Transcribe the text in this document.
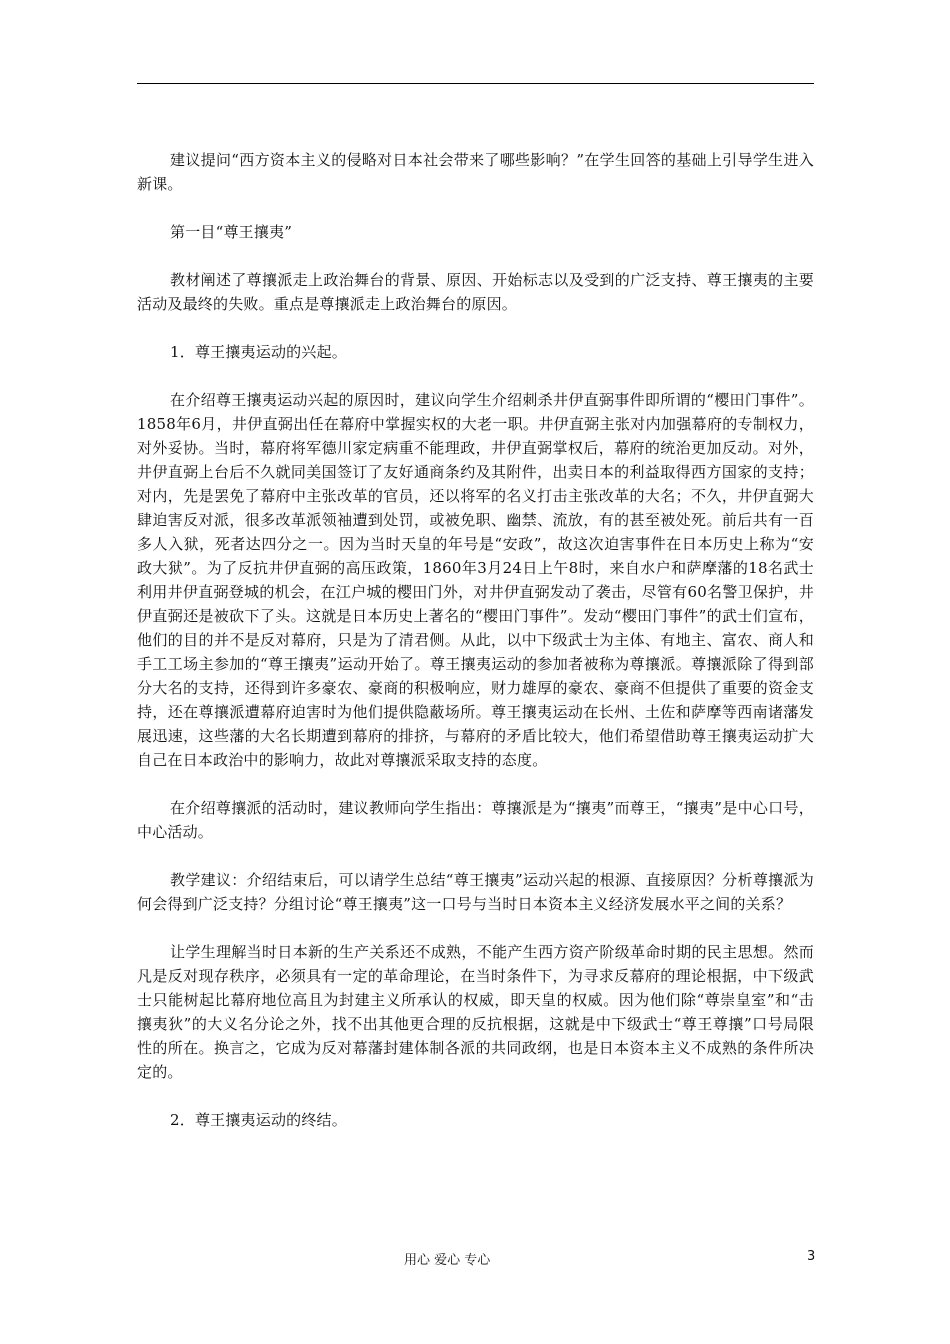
建议提问“西方资本主义的侵略对日本社会带来了哪些影响？”在学生回答的基础上引导学生进入新课。

第一目“尊王攘夷”

教材阐述了尊攘派走上政治舞台的背景、原因、开始标志以及受到的广泛支持、尊王攘夷的主要活动及最终的失败。重点是尊攘派走上政治舞台的原因。

1．尊王攘夷运动的兴起。

在介绍尊王攘夷运动兴起的原因时，建议向学生介绍刺杀井伊直弼事件即所谓的“樱田门事件”。1858年6月，井伊直弼出任在幕府中掌握实权的大老一职。井伊直弼主张对内加强幕府的专制权力，对外妥协。当时，幕府将军德川家定病重不能理政，井伊直弼掌权后，幕府的统治更加反动。对外，井伊直弼上台后不久就同美国签订了友好通商条约及其附件，出卖日本的利益取得西方国家的支持；对内，先是罢免了幕府中主张改革的官员，还以将军的名义打击主张改革的大名；不久，井伊直弼大肆迫害反对派，很多改革派领袖遭到处罚，或被免职、幽禁、流放，有的甚至被处死。前后共有一百多人入狱，死者达四分之一。因为当时天皇的年号是“安政”，故这次迫害事件在日本历史上称为“安政大狱”。为了反抗井伊直弼的高压政策，1860年3月24日上午8时，来自水户和萨摩藩的18名武士利用井伊直弼登城的机会，在江户城的樱田门外，对井伊直弼发动了袭击，尽管有60名警卫保护，井伊直弼还是被砍下了头。这就是日本历史上著名的“樱田门事件”。发动“樱田门事件”的武士们宣布，他们的目的并不是反对幕府，只是为了清君侧。从此，以中下级武士为主体、有地主、富农、商人和手工工场主参加的“尊王攘夷”运动开始了。尊王攘夷运动的参加者被称为尊攘派。尊攘派除了得到部分大名的支持，还得到许多豪农、豪商的积极响应，财力雄厚的豪农、豪商不但提供了重要的资金支持，还在尊攘派遭幕府迫害时为他们提供隐蔽场所。尊王攘夷运动在长州、土佐和萨摩等西南诸藩发展迅速，这些藩的大名长期遭到幕府的排挤，与幕府的矛盾比较大，他们希望借助尊王攘夷运动扩大自己在日本政治中的影响力，故此对尊攘派采取支持的态度。

在介绍尊攘派的活动时，建议教师向学生指出：尊攘派是为“攘夷”而尊王，“攘夷”是中心口号，中心活动。

教学建议：介绍结束后，可以请学生总结“尊王攘夷”运动兴起的根源、直接原因？分析尊攘派为何会得到广泛支持？分组讨论“尊王攘夷”这一口号与当时日本资本主义经济发展水平之间的关系？

让学生理解当时日本新的生产关系还不成熟，不能产生西方资产阶级革命时期的民主思想。然而凡是反对现存秩序，必须具有一定的革命理论，在当时条件下，为寻求反幕府的理论根据，中下级武士只能树起比幕府地位高且为封建主义所承认的权威，即天皇的权威。因为他们除“尊崇皇室”和“击攘夷狄”的大义名分论之外，找不出其他更合理的反抗根据，这就是中下级武士“尊王尊攘”口号局限性的所在。换言之，它成为反对幕藩封建体制各派的共同政纲，也是日本资本主义不成熟的条件所决定的。

2．尊王攘夷运动的终结。

用心 爱心 专心	3
